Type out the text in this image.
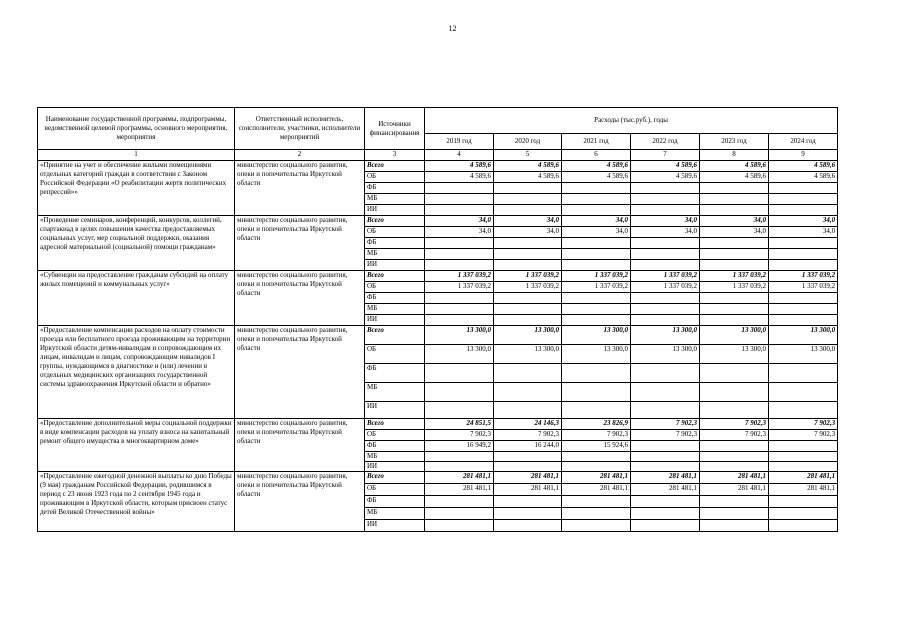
12
Наименование государственной программы, подпрограммы, ведомственной целевой программы, основного мероприятия, мероприятия	Ответственный исполнитель, соисполнители, участники, исполнители мероприятий	Источники финансирования	Расходы (тыс.руб.), годы					
			2019 год	2020 год	2021 год	2022 год	2023 год	2024 год
1	2	3	4	5	6	7	8	9
«Принятие на учет и обеспечение жилыми помещениями отдельных категорий граждан в соответствии с Законом Российской Федерации «О реабилитации жертв политических репрессий»»	министерство социального развития, опеки и попечительства Иркутской области	Всего	4 589,6	4 589,6	4 589,6	4 589,6	4 589,6	4 589,6
		ОБ	4 589,6	4 589,6	4 589,6	4 589,6	4 589,6	4 589,6
		ФБ						
		МБ						
		ИИ						
«Проведение семинаров, конференций, конкурсов, коллегий, спартакиад в целях повышения качества предоставляемых социальных услуг, мер социальной поддержки, оказания адресной материальной (социальной) помощи гражданам»	министерство социального развития, опеки и попечительства Иркутской области	Всего	34,0	34,0	34,0	34,0	34,0	34,0
		ОБ	34,0	34,0	34,0	34,0	34,0	34,0
		ФБ						
		МБ						
		ИИ						
«Субвенции на предоставление гражданам субсидий на оплату жилых помещений и коммунальных услуг»	министерство социального развития, опеки и попечительства Иркутской области	Всего	1 337 039,2	1 337 039,2	1 337 039,2	1 337 039,2	1 337 039,2	1 337 039,2
		ОБ	1 337 039,2	1 337 039,2	1 337 039,2	1 337 039,2	1 337 039,2	1 337 039,2
		ФБ						
		МБ						
		ИИ						
«Предоставление компенсации расходов на оплату стоимости проезда или бесплатного проезда проживающим на территории Иркутской области детям-инвалидам и сопровождающим их лицам, инвалидам и лицам, сопровождающим инвалидов I группы, нуждающимся в диагностике и (или) лечении в отдельных медицинских организациях государственной системы здравоохранения Иркутской области и обратно»	министерство социального развития, опеки и попечительства Иркутской области	Всего	13 300,0	13 300,0	13 300,0	13 300,0	13 300,0	13 300,0
		ОБ	13 300,0	13 300,0	13 300,0	13 300,0	13 300,0	13 300,0
		ФБ						
		МБ						
		ИИ						
«Предоставление дополнительной меры социальной поддержки в виде компенсации расходов на уплату взноса на капитальный ремонт общего имущества в многоквартирном доме»	министерство социального развития, опеки и попечительства Иркутской области	Всего	24 851,5	24 146,3	23 826,9	7 902,3	7 902,3	7 902,3
		ОБ	7 902,3	7 902,3	7 902,3	7 902,3	7 902,3	7 902,3
		ФБ	16 949,2	16 244,0	15 924,6			
		МБ						
		ИИ						
«Предоставление ежегодной денежной выплаты ко дню Победы (9 мая) гражданам Российской Федерации, родившимся в период с 23 июня 1923 года по 2 сентября 1945 года и проживающим в Иркутской области, которым присвоен статус детей Великой Отечественной войны»	министерство социального развития, опеки и попечительства Иркутской области	Всего	281 481,1	281 481,1	281 481,1	281 481,1	281 481,1	281 481,1
		ОБ	281 481,1	281 481,1	281 481,1	281 481,1	281 481,1	281 481,1
		ФБ						
		МБ						
		ИИ						
